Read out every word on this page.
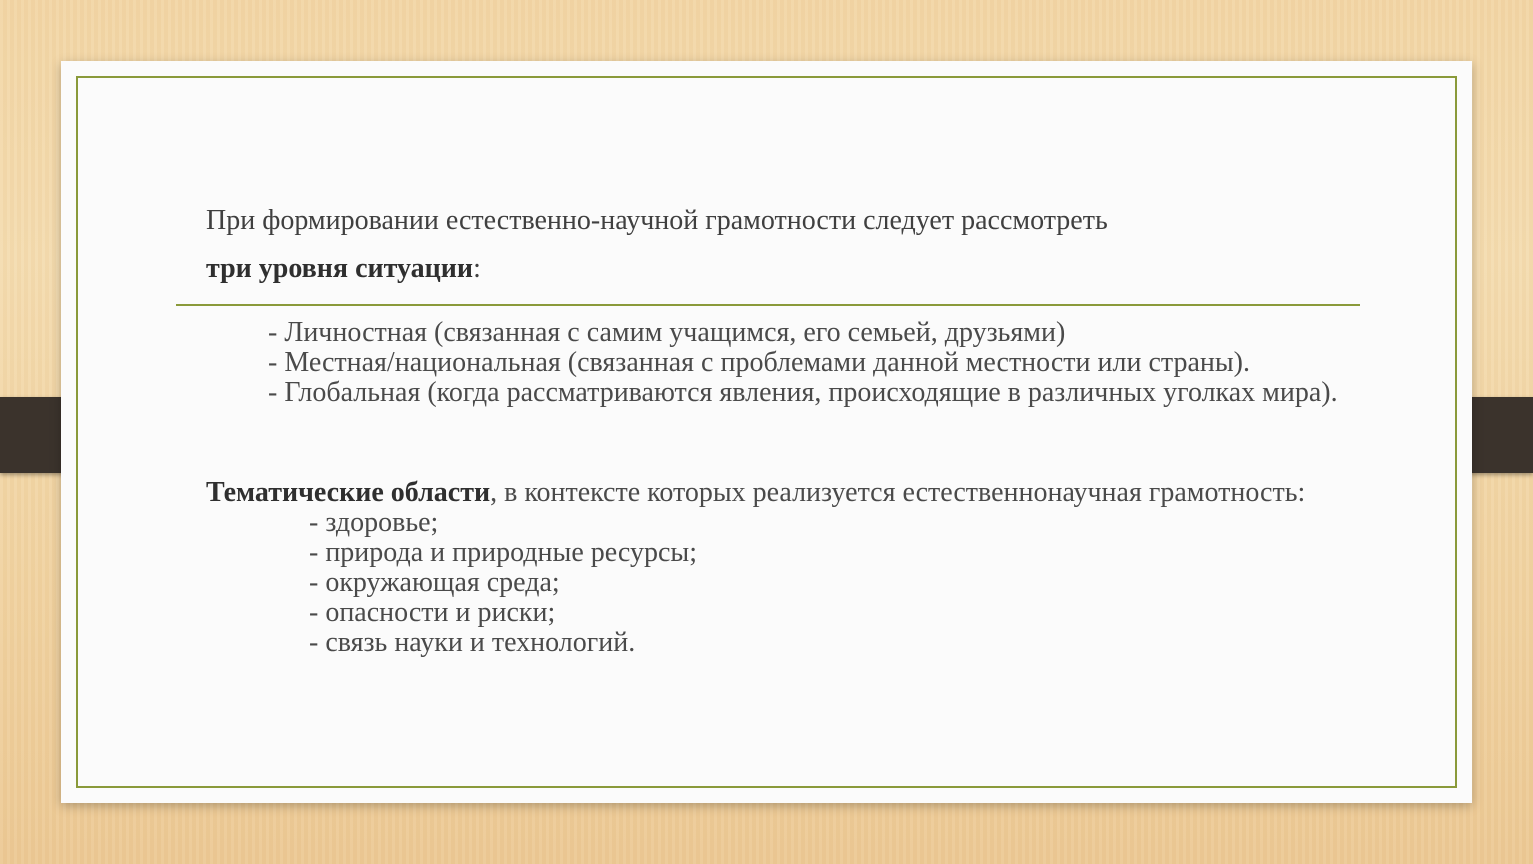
При формировании естественно-научной грамотности следует рассмотреть
три уровня ситуации:
- Личностная (связанная с самим учащимся, его семьей, друзьями)
- Местная/национальная (связанная с проблемами данной местности или страны).
- Глобальная (когда рассматриваются явления, происходящие в различных уголках мира).
Тематические области, в контексте которых реализуется естественнонаучная грамотность:
- здоровье;
- природа и природные ресурсы;
- окружающая среда;
- опасности и риски;
- связь науки и технологий.
